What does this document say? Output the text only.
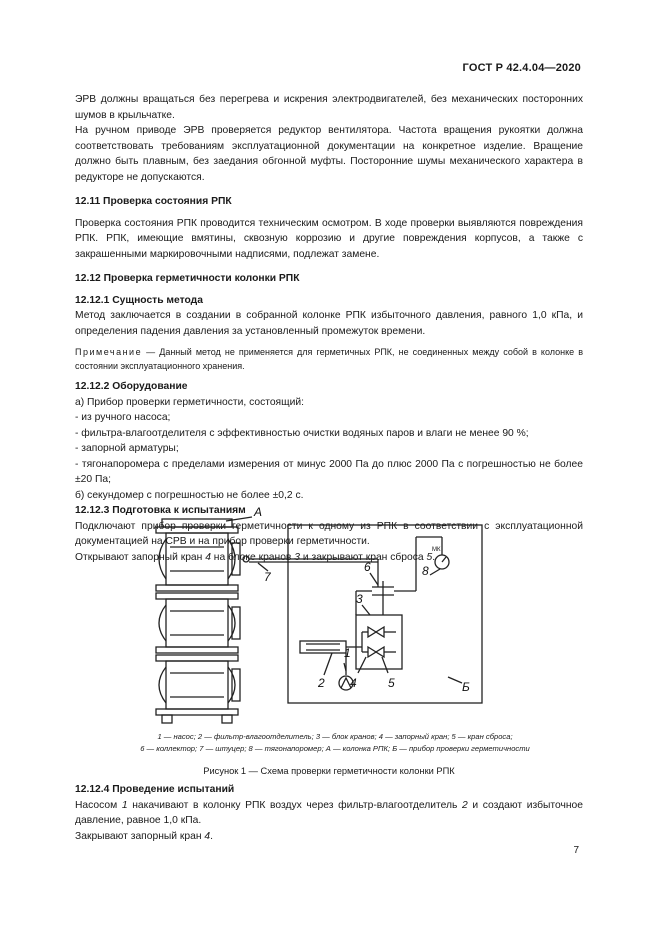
ГОСТ Р 42.4.04—2020

ЭРВ должны вращаться без перегрева и искрения электродвигателей, без механических посторонних шумов в крыльчатке.

На ручном приводе ЭРВ проверяется редуктор вентилятора. Частота вращения рукоятки должна соответствовать требованиям эксплуатационной документации на конкретное изделие. Вращение должно быть плавным, без заедания обгонной муфты. Посторонние шумы механического характера в редукторе не допускаются.

12.11 Проверка состояния РПК

Проверка состояния РПК проводится техническим осмотром. В ходе проверки выявляются повреждения РПК. РПК, имеющие вмятины, сквозную коррозию и другие повреждения корпусов, а также с закрашенными маркировочными надписями, подлежат замене.

12.12 Проверка герметичности колонки РПК

12.12.1 Сущность метода

Метод заключается в создании в собранной колонке РПК избыточного давления, равного 1,0 кПа, и определения падения давления за установленный промежуток времени.

Примечание — Данный метод не применяется для герметичных РПК, не соединенных между собой в колонке в состоянии эксплуатационного хранения.

12.12.2 Оборудование

а) Прибор проверки герметичности, состоящий:

- из ручного насоса;

- фильтра-влагоотделителя с эффективностью очистки водяных паров и влаги не менее 90 %;

- запорной арматуры;

- тягонапоромера с пределами измерения от минус 2000 Па до плюс 2000 Па с погрешностью не более ±20 Па;

б) секундомер с погрешностью не более ±0,2 с.

12.12.3 Подготовка к испытаниям

Подключают прибор проверки герметичности к одному из РПК в соответствии с эксплуатационной документацией на СРВ и на прибор проверки герметичности.

Открывают запорный кран 4 на блоке кранов 3 и закрывают кран сброса 5.

А
7
6	8
3
1
2 4	5	Б
МК
1 — насос; 2 — фильтр-влагоотделитель; 3 — блок кранов; 4 — запорный кран; 5 — кран сброса;
6 — коллектор; 7 — штуцер; 8 — тягонапоромер; А — колонка РПК; Б — прибор проверки герметичности
Рисунок 1 — Схема проверки герметичности колонки РПК

12.12.4 Проведение испытаний

Насосом 1 накачивают в колонку РПК воздух через фильтр-влагоотделитель 2 и создают избыточное давление, равное 1,0 кПа.

Закрывают запорный кран 4.

7
